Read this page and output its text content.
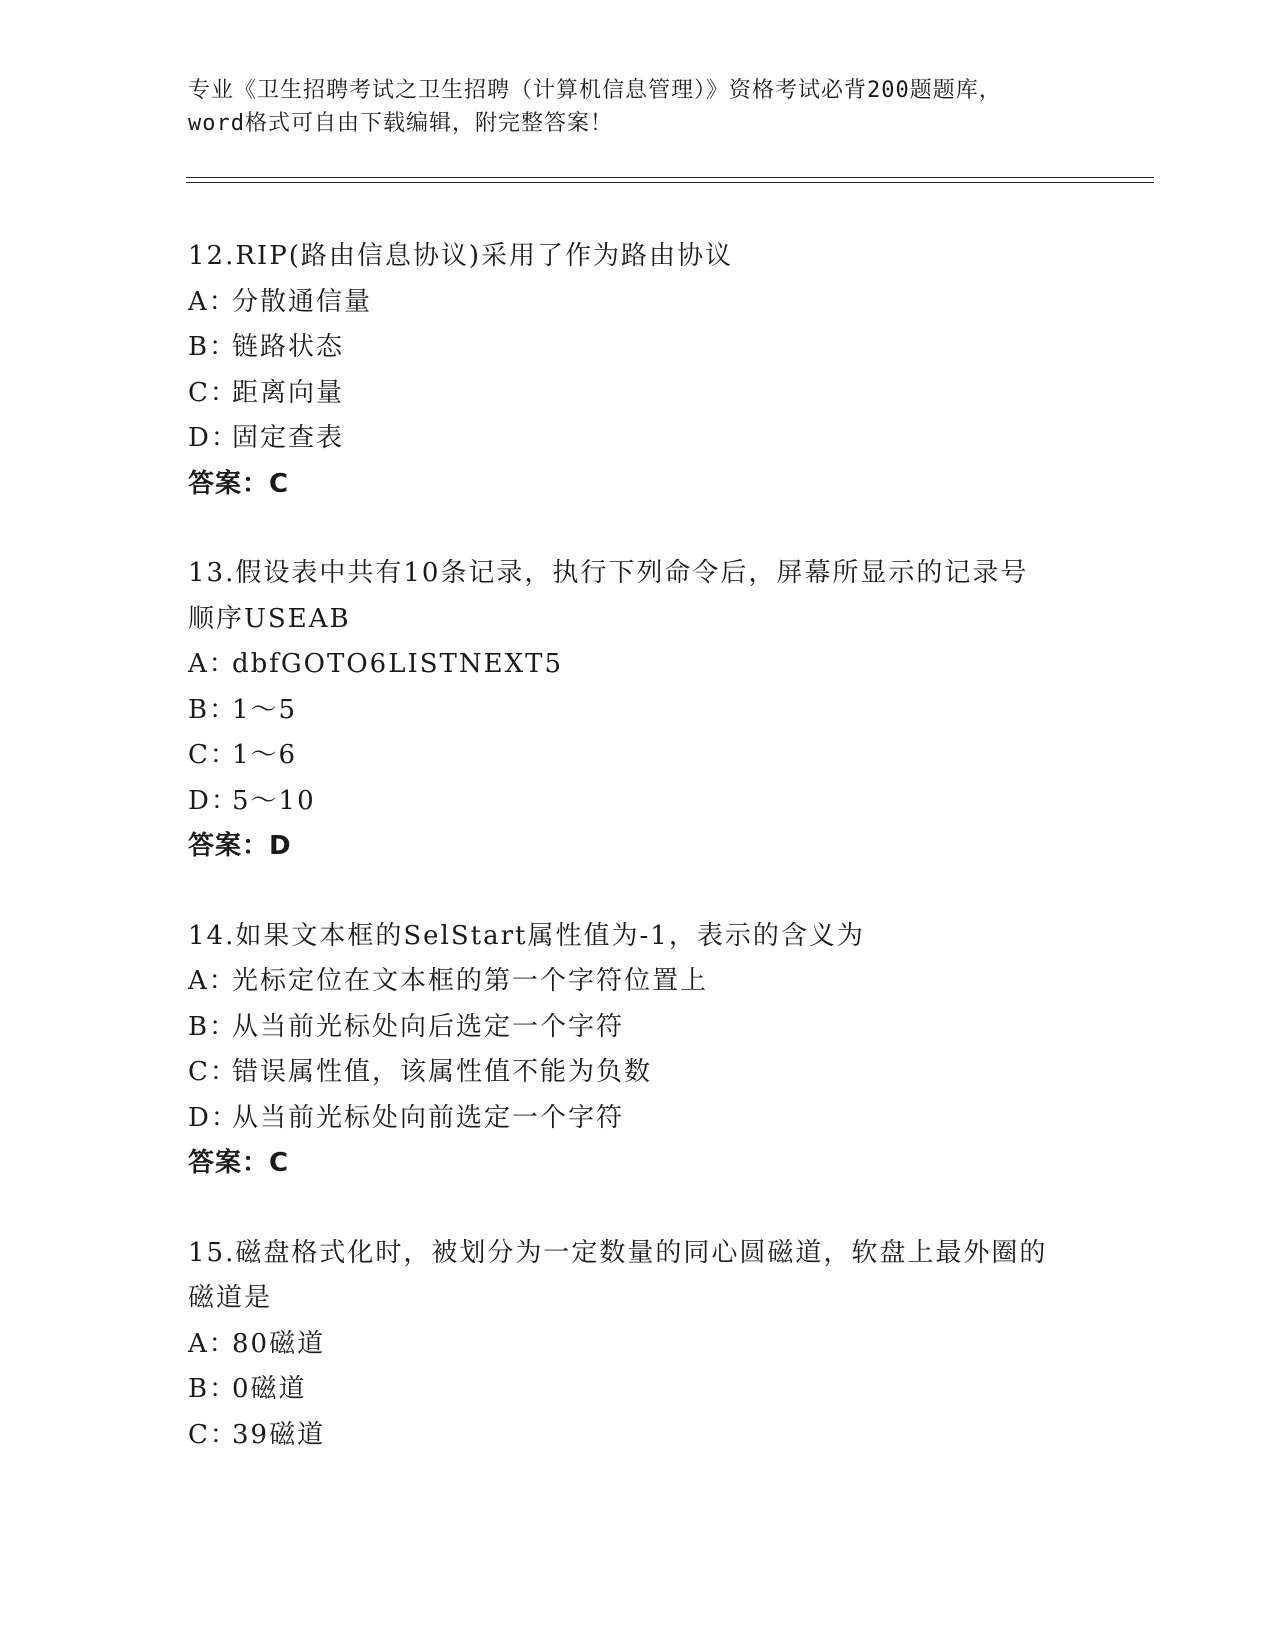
专业《卫生招聘考试之卫生招聘（计算机信息管理）》资格考试必背200题题库，
word格式可自由下载编辑，附完整答案！
12.RIP(路由信息协议)采用了作为路由协议
A：分散通信量
B：链路状态
C：距离向量
D：固定查表
答案：C
13.假设表中共有10条记录，执行下列命令后，屏幕所显示的记录号
顺序USEAB
A：dbfGOTO6LISTNEXT5
B：1～5
C：1～6
D：5～10
答案：D
14.如果文本框的SelStart属性值为-1，表示的含义为
A：光标定位在文本框的第一个字符位置上
B：从当前光标处向后选定一个字符
C：错误属性值，该属性值不能为负数
D：从当前光标处向前选定一个字符
答案：C
15.磁盘格式化时，被划分为一定数量的同心圆磁道，软盘上最外圈的
磁道是
A：80磁道
B：0磁道
C：39磁道
